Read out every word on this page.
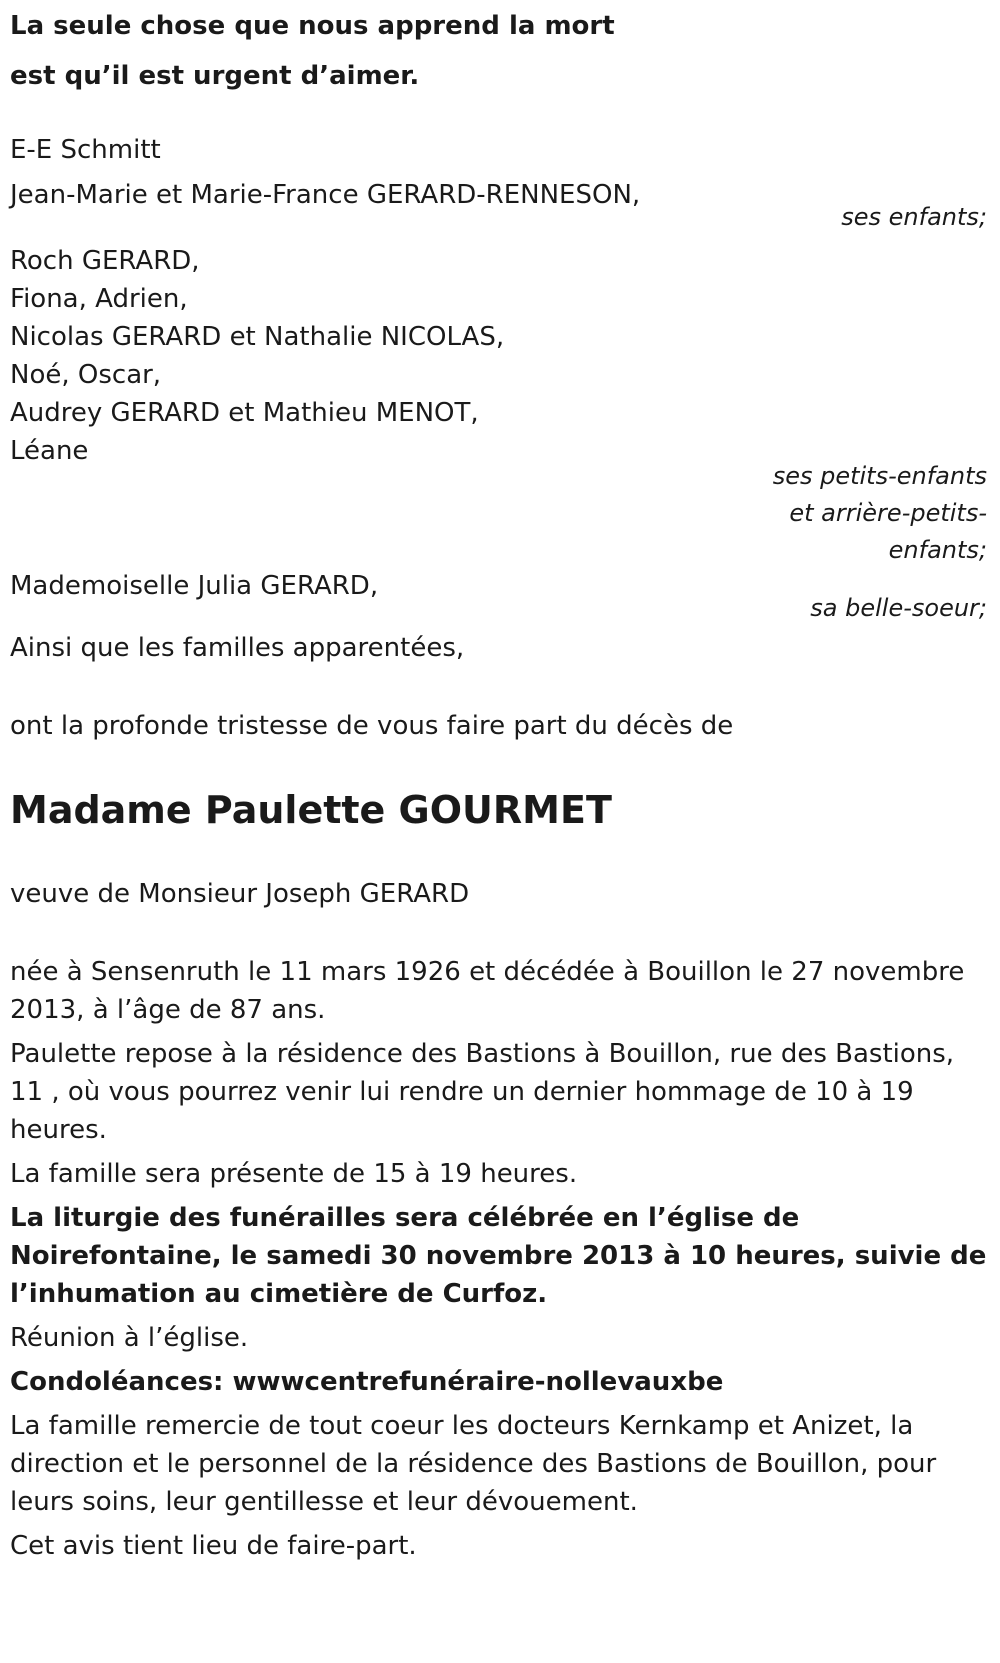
La seule chose que nous apprend la mort

est qu’il est urgent d’aimer.

E-E Schmitt

Jean-Marie et Marie-France GERARD-RENNESON,

ses enfants;

Roch GERARD,

Fiona, Adrien,

Nicolas GERARD et Nathalie NICOLAS,

Noé, Oscar,

Audrey GERARD et Mathieu MENOT,

Léane

ses petits-enfants
et arrière-petits-
enfants;

Mademoiselle Julia GERARD,

sa belle-soeur;

Ainsi que les familles apparentées,

ont la profonde tristesse de vous faire part du décès de

Madame Paulette GOURMET

veuve de Monsieur Joseph GERARD

née à Sensenruth le 11 mars 1926 et décédée à Bouillon le 27 novembre 2013, à l’âge de 87 ans.

Paulette repose à la résidence des Bastions à Bouillon, rue des Bastions, 11 , où vous pourrez venir lui rendre un dernier hommage de 10 à 19 heures.

La famille sera présente de 15 à 19 heures.

La liturgie des funérailles sera célébrée en l’église de Noirefontaine, le samedi 30 novembre 2013 à 10 heures, suivie de l’inhumation au cimetière de Curfoz.

Réunion à l’église.

Condoléances: wwwcentrefunéraire-nollevauxbe

La famille remercie de tout coeur les docteurs Kernkamp et Anizet, la direction et le personnel de la résidence des Bastions de Bouillon, pour leurs soins, leur gentillesse et leur dévouement.

Cet avis tient lieu de faire-part.
